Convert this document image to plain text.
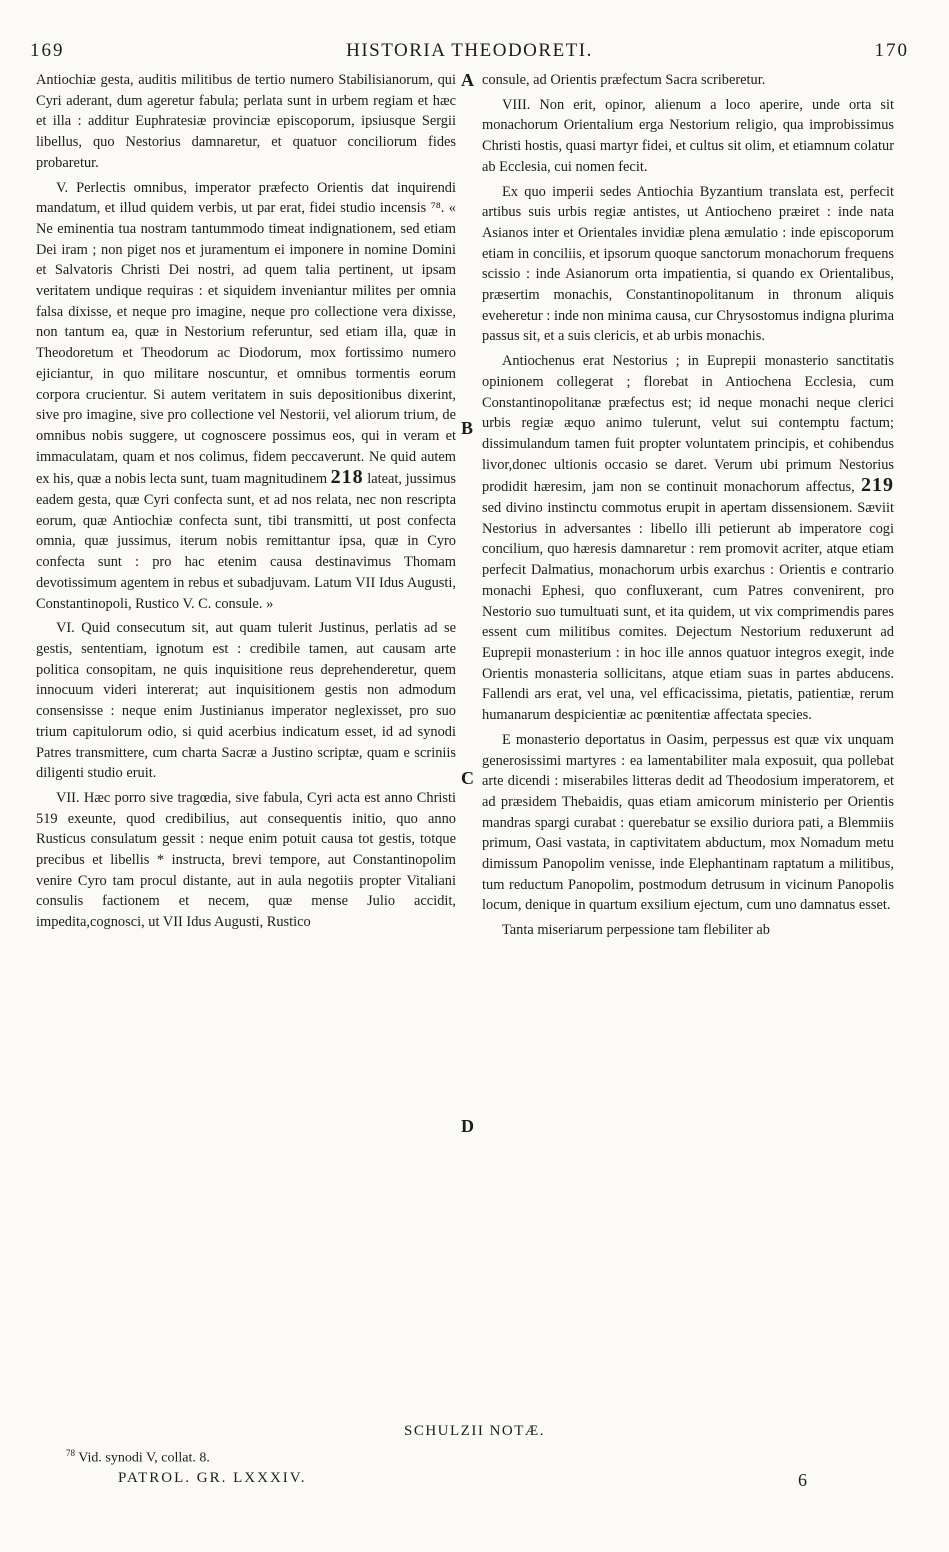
169	HISTORIA THEODORETI.	170

Antiochiæ gesta, auditis militibus de tertio numero Stabilisianorum, qui Cyri aderant, dum ageretur fabula; perlata sunt in urbem regiam et hæc et illa : additur Euphratesiæ provinciæ episcoporum, ipsiusque Sergii libellus, quo Nestorius damnaretur, et quatuor conciliorum fides probaretur.

V. Perlectis omnibus, imperator præfecto Orientis dat inquirendi mandatum, et illud quidem verbis, ut par erat, fidei studio incensis ⁷⁸. « Ne eminentia tua nostram tantummodo timeat indignationem, sed etiam Dei iram ; non piget nos et juramentum ei imponere in nomine Domini et Salvatoris Christi Dei nostri, ad quem talia pertinent, ut ipsam veritatem undique requiras : et siquidem inveniantur milites per omnia falsa dixisse, et neque pro imagine, neque pro collectione vera dixisse, non tantum ea, quæ in Nestorium referuntur, sed etiam illa, quæ in Theodoretum et Theodorum ac Diodorum, mox fortissimo numero ejiciantur, in quo militare noscuntur, et omnibus tormentis eorum corpora crucientur. Si autem veritatem in suis depositionibus dixerint, sive pro imagine, sive pro collectione vel Nestorii, vel aliorum trium, de omnibus nobis suggere, ut cognoscere possimus eos, qui in veram et immaculatam, quam et nos colimus, fidem peccaverunt. Ne quid autem ex his, quæ a nobis lecta sunt, tuam magnitudinem 218 lateat, jussimus eadem gesta, quæ Cyri confecta sunt, et ad nos relata, nec non rescripta eorum, quæ Antiochiæ confecta sunt, tibi transmitti, ut post confecta omnia, quæ jussimus, iterum nobis remittantur ipsa, quæ in Cyro confecta sunt : pro hac etenim causa destinavimus Thomam devotissimum agentem in rebus et subadjuvam. Latum VII Idus Augusti, Constantinopoli, Rustico V. C. consule. »

VI. Quid consecutum sit, aut quam tulerit Justinus, perlatis ad se gestis, sententiam, ignotum est : credibile tamen, aut causam arte politica consopitam, ne quis inquisitione reus deprehenderetur, quem innocuum videri intererat; aut inquisitionem gestis non admodum consensisse : neque enim Justinianus imperator neglexisset, pro suo trium capitulorum odio, si quid acerbius indicatum esset, id ad synodi Patres transmittere, cum charta Sacræ a Justino scriptæ, quam e scriniis diligenti studio eruit.

VII. Hæc porro sive tragœdia, sive fabula, Cyri acta est anno Christi 519 exeunte, quod credibilius, aut consequentis initio, quo anno Rusticus consulatum gessit : neque enim potuit causa tot gestis, totque precibus et libellis * instructa, brevi tempore, aut Constantinopolim venire Cyro tam procul distante, aut in aula negotiis propter Vitaliani consulis factionem et necem, quæ mense Julio accidit, impedita,cognosci, ut VII Idus Augusti, Rustico

A
B
C
D

consule, ad Orientis præfectum Sacra scriberetur.

VIII. Non erit, opinor, alienum a loco aperire, unde orta sit monachorum Orientalium erga Nestorium religio, qua improbissimus Christi hostis, quasi martyr fidei, et cultus sit olim, et etiamnum colatur ab Ecclesia, cui nomen fecit.

Ex quo imperii sedes Antiochia Byzantium translata est, perfecit artibus suis urbis regiæ antistes, ut Antiocheno præiret : inde nata Asianos inter et Orientales invidiæ plena æmulatio : inde episcoporum etiam in conciliis, et ipsorum quoque sanctorum monachorum frequens scissio : inde Asianorum orta impatientia, si quando ex Orientalibus, præsertim monachis, Constantinopolitanum in thronum aliquis eveheretur : inde non minima causa, cur Chrysostomus indigna plurima passus sit, et a suis clericis, et ab urbis monachis.

Antiochenus erat Nestorius ; in Euprepii monasterio sanctitatis opinionem collegerat ; florebat in Antiochena Ecclesia, cum Constantinopolitanæ præfectus est; id neque monachi neque clerici urbis regiæ æquo animo tulerunt, velut sui contemptu factum; dissimulandum tamen fuit propter voluntatem principis, et cohibendus livor,donec ultionis occasio se daret. Verum ubi primum Nestorius prodidit hæresim, jam non se continuit monachorum affectus, 219 sed divino instinctu commotus erupit in apertam dissensionem. Sæviit Nestorius in adversantes : libello illi petierunt ab imperatore cogi concilium, quo hæresis damnaretur : rem promovit acriter, atque etiam perfecit Dalmatius, monachorum urbis exarchus : Orientis e contrario monachi Ephesi, quo confluxerant, cum Patres convenirent, pro Nestorio suo tumultuati sunt, et ita quidem, ut vix comprimendis pares essent cum militibus comites. Dejectum Nestorium reduxerunt ad Euprepii monasterium : in hoc ille annos quatuor integros exegit, inde Orientis monasteria sollicitans, atque etiam suas in partes abducens. Fallendi ars erat, vel una, vel efficacissima, pietatis, patientiæ, rerum humanarum despicientiæ ac pœnitentiæ affectata species.

E monasterio deportatus in Oasim, perpessus est quæ vix unquam generosissimi martyres : ea lamentabiliter mala exposuit, qua pollebat arte dicendi : miserabiles litteras dedit ad Theodosium imperatorem, et ad præsidem Thebaidis, quas etiam amicorum ministerio per Orientis mandras spargi curabat : querebatur se exsilio duriora pati, a Blemmiis primum, Oasi vastata, in captivitatem abductum, mox Nomadum metu dimissum Panopolim venisse, inde Elephantinam raptatum a militibus, tum reductum Panopolim, postmodum detrusum in vicinum Panopolis locum, denique in quartum exsilium ejectum, cum uno damnatus esset.

Tanta miseriarum perpessione tam flebiliter ab

SCHULZII NOTÆ.
$^{78}$ Vid. synodi V, collat. 8.
PATROL. GR. LXXXIV.	6
